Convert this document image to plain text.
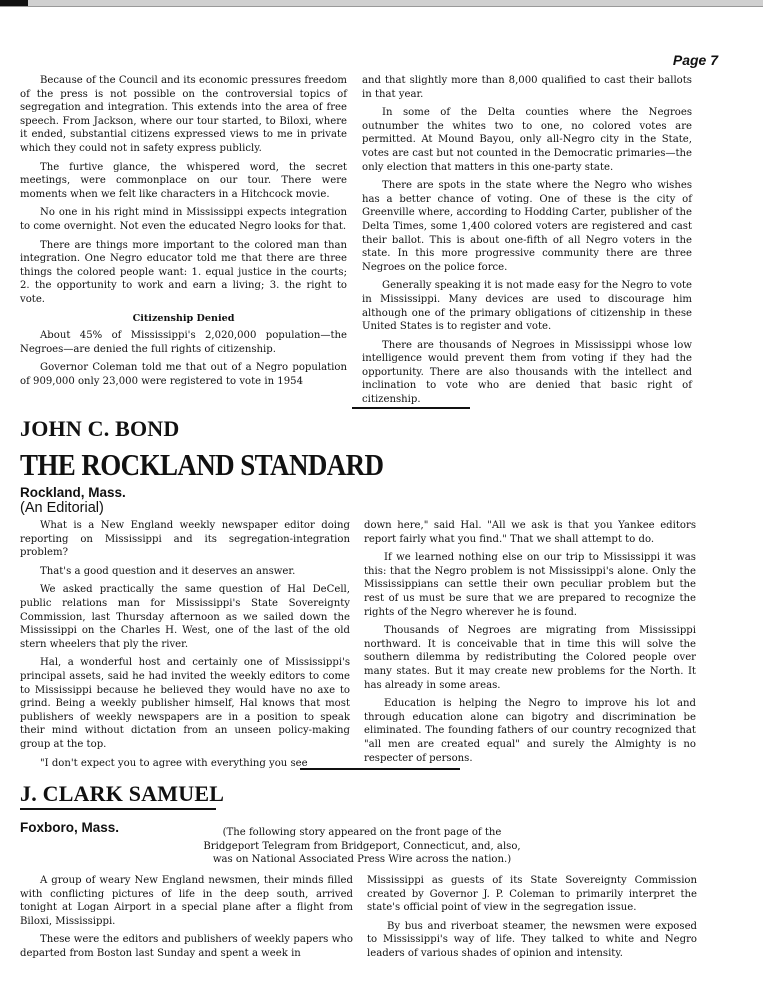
Page 7

Because of the Council and its economic pressures freedom of the press is not possible on the controversial topics of segregation and integration. This extends into the area of free speech. From Jackson, where our tour started, to Biloxi, where it ended, substantial citizens expressed views to me in private which they could not in safety express publicly.

The furtive glance, the whispered word, the secret meetings, were commonplace on our tour. There were moments when we felt like characters in a Hitchcock movie.

No one in his right mind in Mississippi expects integration to come overnight. Not even the educated Negro looks for that.

There are things more important to the colored man than integration. One Negro educator told me that there are three things the colored people want: 1. equal justice in the courts; 2. the opportunity to work and earn a living; 3. the right to vote.

Citizenship Denied

About 45% of Mississippi's 2,020,000 population—the Negroes—are denied the full rights of citizenship.

Governor Coleman told me that out of a Negro population of 909,000 only 23,000 were registered to vote in 1954

and that slightly more than 8,000 qualified to cast their ballots in that year.

In some of the Delta counties where the Negroes outnumber the whites two to one, no colored votes are permitted. At Mound Bayou, only all-Negro city in the State, votes are cast but not counted in the Democratic primaries—the only election that matters in this one-party state.

There are spots in the state where the Negro who wishes has a better chance of voting. One of these is the city of Greenville where, according to Hodding Carter, publisher of the Delta Times, some 1,400 colored voters are registered and cast their ballot. This is about one-fifth of all Negro voters in the state. In this more progressive community there are three Negroes on the police force.

Generally speaking it is not made easy for the Negro to vote in Mississippi. Many devices are used to discourage him although one of the primary obligations of citizenship in these United States is to register and vote.

There are thousands of Negroes in Mississippi whose low intelligence would prevent them from voting if they had the opportunity. There are also thousands with the intellect and inclination to vote who are denied that basic right of citizenship.

JOHN C. BOND
THE ROCKLAND STANDARD
Rockland, Mass.
(An Editorial)

What is a New England weekly newspaper editor doing reporting on Mississippi and its segregation-integration problem?

That's a good question and it deserves an answer.

We asked practically the same question of Hal DeCell, public relations man for Mississippi's State Sovereignty Commission, last Thursday afternoon as we sailed down the Mississippi on the Charles H. West, one of the last of the old stern wheelers that ply the river.

Hal, a wonderful host and certainly one of Mississippi's principal assets, said he had invited the weekly editors to come to Mississippi because he believed they would have no axe to grind. Being a weekly publisher himself, Hal knows that most publishers of weekly newspapers are in a position to speak their mind without dictation from an unseen policy-making group at the top.

"I don't expect you to agree with everything you see

down here," said Hal. "All we ask is that you Yankee editors report fairly what you find." That we shall attempt to do.

If we learned nothing else on our trip to Mississippi it was this: that the Negro problem is not Mississippi's alone. Only the Mississippians can settle their own peculiar problem but the rest of us must be sure that we are prepared to recognize the rights of the Negro wherever he is found.

Thousands of Negroes are migrating from Mississippi northward. It is conceivable that in time this will solve the southern dilemma by redistributing the Colored people over many states. But it may create new problems for the North. It has already in some areas.

Education is helping the Negro to improve his lot and through education alone can bigotry and discrimination be eliminated. The founding fathers of our country recognized that "all men are created equal" and surely the Almighty is no respecter of persons.

J. CLARK SAMUEL
Foxboro, Mass.	(The following story appeared on the front page of the Bridgeport Telegram from Bridgeport, Connecticut, and, also, was on National Associated Press Wire across the nation.)

A group of weary New England newsmen, their minds filled with conflicting pictures of life in the deep south, arrived tonight at Logan Airport in a special plane after a flight from Biloxi, Mississippi.

These were the editors and publishers of weekly papers who departed from Boston last Sunday and spent a week in

Mississippi as guests of its State Sovereignty Commission created by Governor J. P. Coleman to primarily interpret the state's official point of view in the segregation issue.

By bus and riverboat steamer, the newsmen were exposed to Mississippi's way of life. They talked to white and Negro leaders of various shades of opinion and intensity.
